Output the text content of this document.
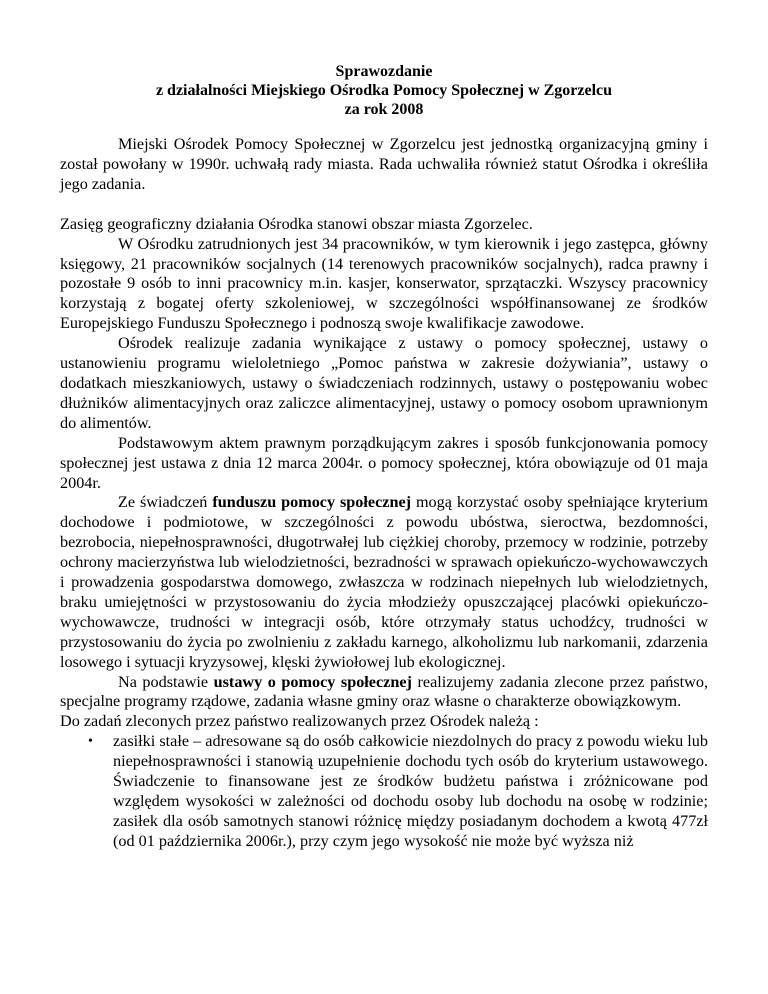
Sprawozdanie
z działalności Miejskiego Ośrodka Pomocy Społecznej w Zgorzelcu
za rok 2008

Miejski Ośrodek Pomocy Społecznej w Zgorzelcu jest jednostką organizacyjną gminy i został powołany w 1990r. uchwałą rady miasta. Rada uchwaliła również statut Ośrodka i określiła jego zadania.

Zasięg geograficzny działania Ośrodka stanowi obszar miasta Zgorzelec.

W Ośrodku zatrudnionych jest 34 pracowników, w tym kierownik i jego zastępca, główny księgowy, 21 pracowników socjalnych (14 terenowych pracowników socjalnych), radca prawny i pozostałe 9 osób to inni pracownicy m.in. kasjer, konserwator, sprzątaczki. Wszyscy pracownicy korzystają z bogatej oferty szkoleniowej, w szczególności współfinansowanej ze środków Europejskiego Funduszu Społecznego i podnoszą swoje kwalifikacje zawodowe.

Ośrodek realizuje zadania wynikające z ustawy o pomocy społecznej, ustawy o ustanowieniu programu wieloletniego „Pomoc państwa w zakresie dożywiania”, ustawy o dodatkach mieszkaniowych, ustawy o świadczeniach rodzinnych, ustawy o postępowaniu wobec dłużników alimentacyjnych oraz zaliczce alimentacyjnej, ustawy o pomocy osobom uprawnionym do alimentów.

Podstawowym aktem prawnym porządkującym zakres i sposób funkcjonowania pomocy społecznej jest ustawa z dnia 12 marca 2004r. o pomocy społecznej, która obowiązuje od 01 maja 2004r.

Ze świadczeń funduszu pomocy społecznej mogą korzystać osoby spełniające kryterium dochodowe i podmiotowe, w szczególności z powodu ubóstwa, sieroctwa, bezdomności, bezrobocia, niepełnosprawności, długotrwałej lub ciężkiej choroby, przemocy w rodzinie, potrzeby ochrony macierzyństwa lub wielodzietności, bezradności w sprawach opiekuńczo-wychowawczych i prowadzenia gospodarstwa domowego, zwłaszcza w rodzinach niepełnych lub wielodzietnych, braku umiejętności w przystosowaniu do życia młodzieży opuszczającej placówki opiekuńczo-wychowawcze, trudności w integracji osób, które otrzymały status uchodźcy, trudności w przystosowaniu do życia po zwolnieniu z zakładu karnego, alkoholizmu lub narkomanii, zdarzenia losowego i sytuacji kryzysowej, klęski żywiołowej lub ekologicznej.

Na podstawie ustawy o pomocy społecznej realizujemy zadania zlecone przez państwo, specjalne programy rządowe, zadania własne gminy oraz własne o charakterze obowiązkowym.

Do zadań zleconych przez państwo realizowanych przez Ośrodek należą :

• zasiłki stałe – adresowane są do osób całkowicie niezdolnych do pracy z powodu wieku lub niepełnosprawności i stanowią uzupełnienie dochodu tych osób do kryterium ustawowego. Świadczenie to finansowane jest ze środków budżetu państwa i zróżnicowane pod względem wysokości w zależności od dochodu osoby lub dochodu na osobę w rodzinie; zasiłek dla osób samotnych stanowi różnicę między posiadanym dochodem a kwotą 477zł (od 01 października 2006r.), przy czym jego wysokość nie może być wyższa niż
